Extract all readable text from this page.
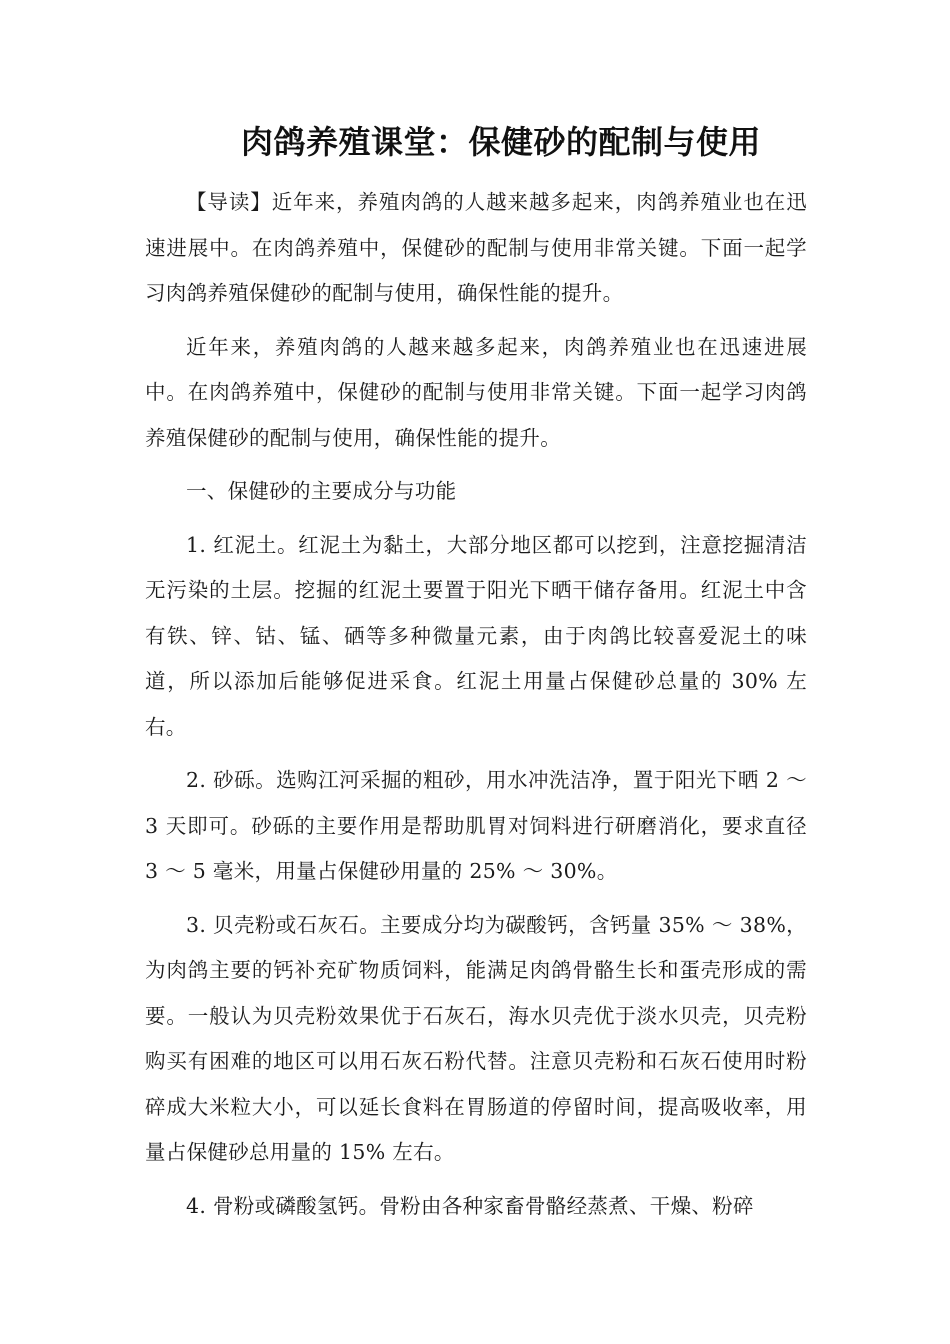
肉鸽养殖课堂：保健砂的配制与使用

【导读】近年来，养殖肉鸽的人越来越多起来，肉鸽养殖业也在迅速进展中。在肉鸽养殖中，保健砂的配制与使用非常关键。下面一起学习肉鸽养殖保健砂的配制与使用，确保性能的提升。

近年来，养殖肉鸽的人越来越多起来，肉鸽养殖业也在迅速进展中。在肉鸽养殖中，保健砂的配制与使用非常关键。下面一起学习肉鸽养殖保健砂的配制与使用，确保性能的提升。

一、保健砂的主要成分与功能

1. 红泥土。红泥土为黏土，大部分地区都可以挖到，注意挖掘清洁无污染的土层。挖掘的红泥土要置于阳光下晒干储存备用。红泥土中含有铁、锌、钴、锰、硒等多种微量元素，由于肉鸽比较喜爱泥土的味道，所以添加后能够促进采食。红泥土用量占保健砂总量的 30% 左右。

2. 砂砾。选购江河采掘的粗砂，用水冲洗洁净，置于阳光下晒 2 ～ 3 天即可。砂砾的主要作用是帮助肌胃对饲料进行研磨消化，要求直径 3 ～ 5 毫米，用量占保健砂用量的 25% ～ 30%。

3. 贝壳粉或石灰石。主要成分均为碳酸钙，含钙量 35% ～ 38%，为肉鸽主要的钙补充矿物质饲料，能满足肉鸽骨骼生长和蛋壳形成的需要。一般认为贝壳粉效果优于石灰石，海水贝壳优于淡水贝壳，贝壳粉购买有困难的地区可以用石灰石粉代替。注意贝壳粉和石灰石使用时粉碎成大米粒大小，可以延长食料在胃肠道的停留时间，提高吸收率，用量占保健砂总用量的 15% 左右。

4. 骨粉或磷酸氢钙。骨粉由各种家畜骨骼经蒸煮、干燥、粉碎
